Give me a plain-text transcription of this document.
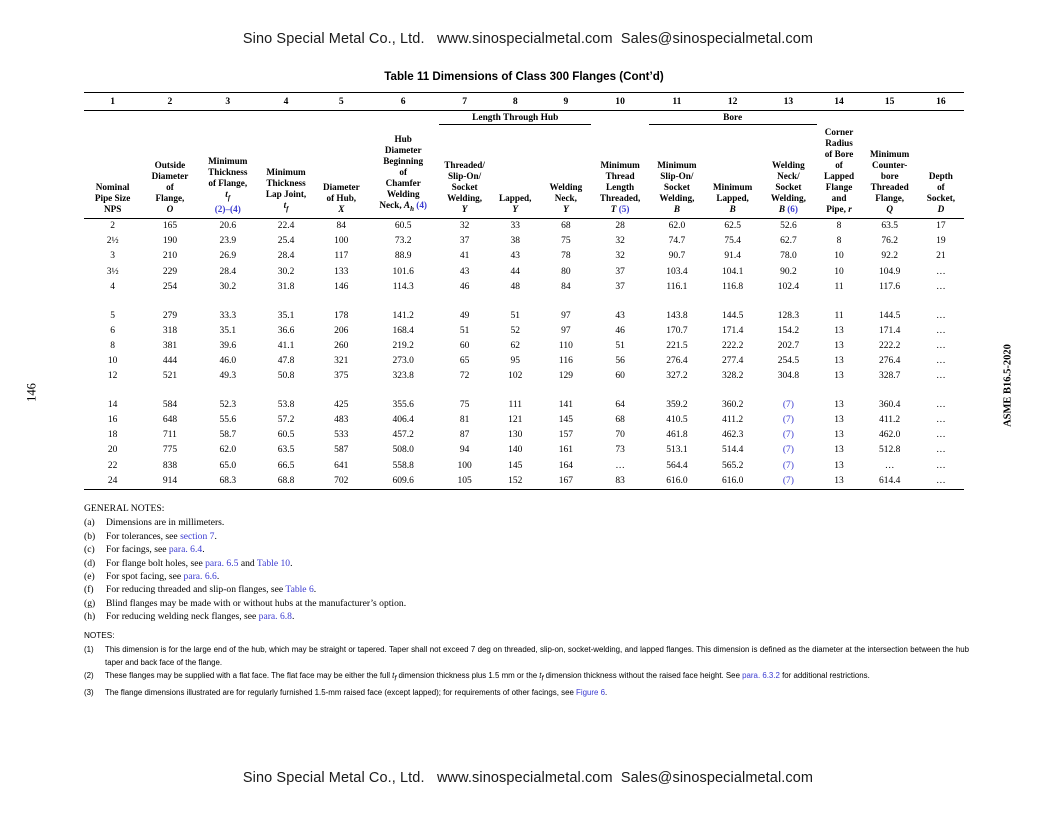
Sino Special Metal Co., Ltd.   www.sinospecialmetal.com  Sales@sinospecialmetal.com
146	ASME B16.5-2020
Table 11 Dimensions of Class 300 Flanges (Cont’d)
1	2	3	4	5	6	7	8	9	10	11	12	13	14	15	16
						Length Through Hub				Bore					
Nominal
Pipe Size
NPS	Outside
Diameter
of
Flange,
O	Minimum
Thickness
of Flange,
$t_f$
(2)–(4)	Minimum
Thickness
Lap Joint,
$t_f$	Diameter
of Hub,
X	Hub
Diameter
Beginning
of
Chamfer
Welding
Neck, $A_h$ (4)	Threaded/
Slip-On/
Socket
Welding,
Y	Lapped,
Y	Welding
Neck,
Y	Minimum
Thread
Length
Threaded,
T (5)	Minimum
Slip-On/
Socket
Welding,
B	Minimum
Lapped,
B	Welding
Neck/
Socket
Welding,
B (6)	Corner
Radius
of Bore
of
Lapped
Flange
and
Pipe, r	Minimum
Counter-
bore
Threaded
Flange,
Q	Depth
of
Socket,
D
2	165	20.6	22.4	84	60.5	32	33	68	28	62.0	62.5	52.6	8	63.5	17
2½	190	23.9	25.4	100	73.2	37	38	75	32	74.7	75.4	62.7	8	76.2	19
3	210	26.9	28.4	117	88.9	41	43	78	32	90.7	91.4	78.0	10	92.2	21
3½	229	28.4	30.2	133	101.6	43	44	80	37	103.4	104.1	90.2	10	104.9	…
4	254	30.2	31.8	146	114.3	46	48	84	37	116.1	116.8	102.4	11	117.6	…

5	279	33.3	35.1	178	141.2	49	51	97	43	143.8	144.5	128.3	11	144.5	…
6	318	35.1	36.6	206	168.4	51	52	97	46	170.7	171.4	154.2	13	171.4	…
8	381	39.6	41.1	260	219.2	60	62	110	51	221.5	222.2	202.7	13	222.2	…
10	444	46.0	47.8	321	273.0	65	95	116	56	276.4	277.4	254.5	13	276.4	…
12	521	49.3	50.8	375	323.8	72	102	129	60	327.2	328.2	304.8	13	328.7	…

14	584	52.3	53.8	425	355.6	75	111	141	64	359.2	360.2	(7)	13	360.4	…
16	648	55.6	57.2	483	406.4	81	121	145	68	410.5	411.2	(7)	13	411.2	…
18	711	58.7	60.5	533	457.2	87	130	157	70	461.8	462.3	(7)	13	462.0	…
20	775	62.0	63.5	587	508.0	94	140	161	73	513.1	514.4	(7)	13	512.8	…
22	838	65.0	66.5	641	558.8	100	145	164	…	564.4	565.2	(7)	13	…	…
24	914	68.3	68.8	702	609.6	105	152	167	83	616.0	616.0	(7)	13	614.4	…
GENERAL NOTES:
(a)	Dimensions are in millimeters.
(b)	For tolerances, see section 7.
(c)	For facings, see para. 6.4.
(d)	For flange bolt holes, see para. 6.5 and Table 10.
(e)	For spot facing, see para. 6.6.
(f)	For reducing threaded and slip-on flanges, see Table 6.
(g)	Blind flanges may be made with or without hubs at the manufacturer’s option.
(h)	For reducing welding neck flanges, see para. 6.8.
NOTES:
(1)	This dimension is for the large end of the hub, which may be straight or tapered. Taper shall not exceed 7 deg on threaded, slip-on, socket-welding, and lapped flanges. This dimension is defined as the diameter at the intersection between the hub taper and back face of the flange.
(2)	These flanges may be supplied with a flat face. The flat face may be either the full $t_f$ dimension thickness plus 1.5 mm or the $t_f$ dimension thickness without the raised face height. See para. 6.3.2 for additional restrictions.
(3)	The flange dimensions illustrated are for regularly furnished 1.5-mm raised face (except lapped); for requirements of other facings, see Figure 6.
Sino Special Metal Co., Ltd.   www.sinospecialmetal.com  Sales@sinospecialmetal.com
